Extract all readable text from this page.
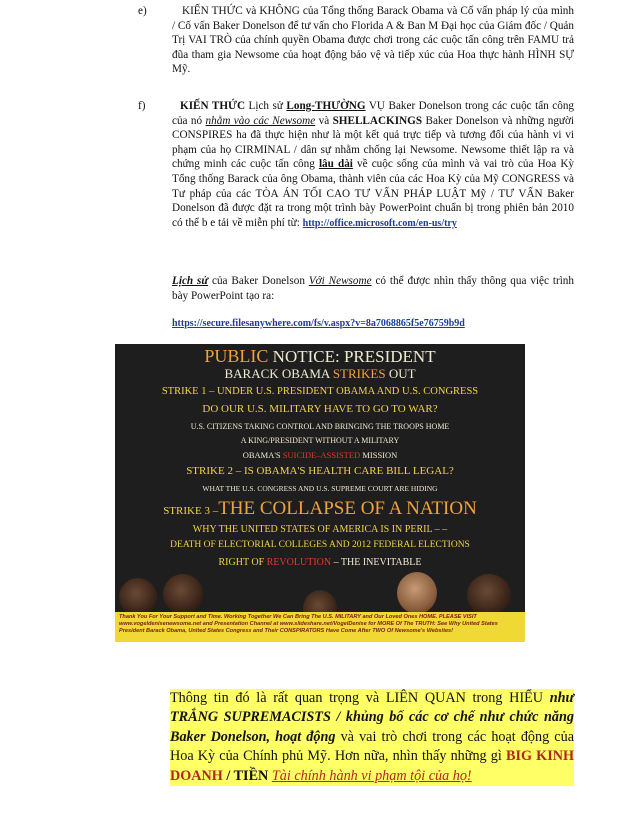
e)	KIẾN THỨC và KHÔNG của Tổng thống Barack Obama và Cố vấn pháp lý của mình / Cố vấn Baker Donelson để tư vấn cho Florida A & Ban M Đại học của Giám đốc / Quản Trị VAI TRÒ của chính quyền Obama được chơi trong các cuộc tấn công trên FAMU trả đũa tham gia Newsome của hoạt động bảo vệ và tiếp xúc của Hoa thực hành HÌNH SỰ Mỹ.
f)	KIẾN THỨC Lịch sử Long-THƯỜNG VỤ Baker Donelson trong các cuộc tấn công của nó nhằm vào các Newsome và SHELLACKINGS Baker Donelson và những người CONSPIRES ha đã thực hiện như là một kết quả trực tiếp và tương đối của hành vi vi phạm của họ CIRMINAL / dân sự nhằm chống lại Newsome. Newsome thiết lập ra và chứng minh các cuộc tấn công lâu dài về cuộc sống của mình và vai trò của Hoa Kỳ Tổng thống Barack của ông Obama, thành viên của các Hoa Kỳ của Mỹ CONGRESS và Tư pháp của các TÒA ÁN TỐI CAO TƯ VẤN PHÁP LUẬT Mỹ / TƯ VẤN Baker Donelson đã được đặt ra trong một trình bày PowerPoint chuẩn bị trong phiên bản 2010 có thể b e tải về miễn phí từ: http://office.microsoft.com/en-us/try
Lịch sử của Baker Donelson Với Newsome có thể được nhìn thấy thông qua việc trình bày PowerPoint tạo ra:
https://secure.filesanywhere.com/fs/v.aspx?v=8a7068865f5e76759b9d
PUBLIC NOTICE: PRESIDENT
BARACK OBAMA STRIKES OUT
STRIKE 1 – UNDER U.S. PRESIDENT OBAMA AND U.S. CONGRESS
DO OUR U.S. MILITARY HAVE TO GO TO WAR?
U.S. CITIZENS TAKING CONTROL AND BRINGING THE TROOPS HOME
A KING/PRESIDENT WITHOUT A MILITARY
OBAMA'S SUICIDE–ASSISTED MISSION
STRIKE 2 – IS OBAMA'S HEALTH CARE BILL LEGAL?
WHAT THE U.S. CONGRESS AND U.S. SUPREME COURT ARE HIDING
STRIKE 3 –THE COLLAPSE OF A NATION
WHY THE UNITED STATES OF AMERICA IS IN PERIL – –
DEATH OF ELECTORIAL COLLEGES AND 2012 FEDERAL ELECTIONS
RIGHT OF REVOLUTION – THE INEVITABLE
Thank You For Your Support and Time. Working Together We Can Bring The U.S. MILITARY and Our Loved Ones HOME. PLEASE VISIT
www.vogeldenisenewsome.net and Presentation Channel at www.slideshare.net/VogelDenise for MORE Of The TRUTH: See Why United States
President Barack Obama, United States Congress and Their CONSPIRATORS Have Come After TWO Of Newsome's Websites!
Thông tin đó là rất quan trọng và LIÊN QUAN trong HIỂU như TRẮNG SUPREMACISTS / khủng bố các cơ chế như chức năng Baker Donelson, hoạt động và vai trò chơi trong các hoạt động của Hoa Kỳ của Chính phủ Mỹ. Hơn nữa, nhìn thấy những gì BIG KINH DOANH / TIỀN Tài chính hành vi phạm tội của họ!
